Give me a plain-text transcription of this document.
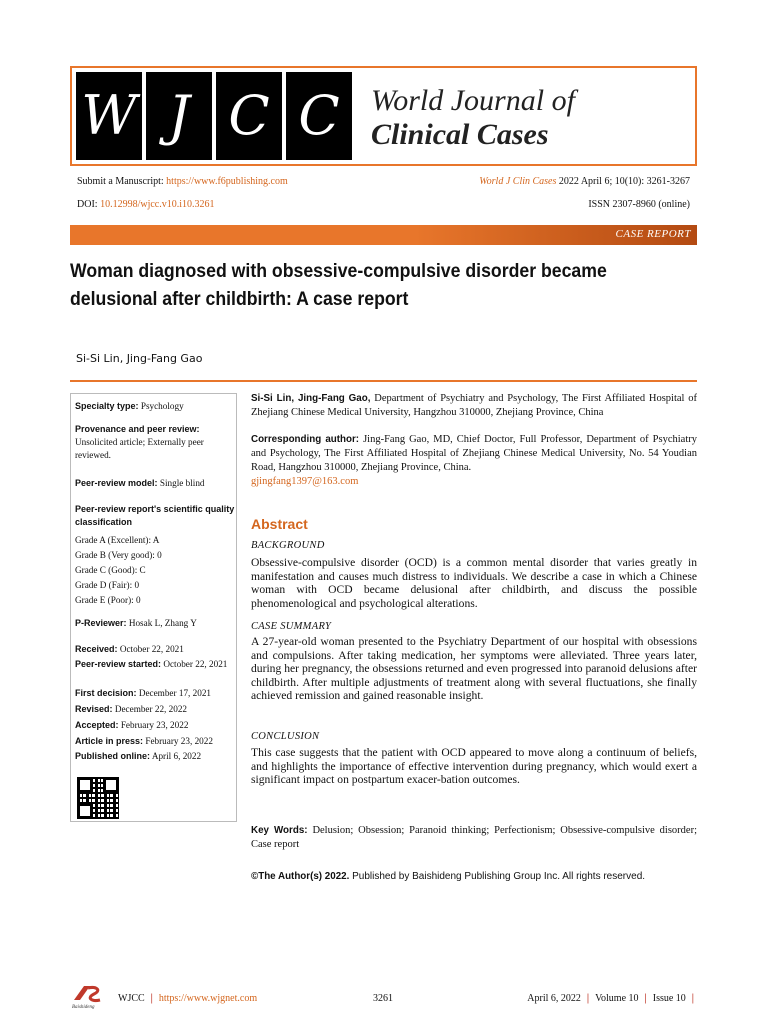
W J C C	World Journal of
Clinical Cases
Submit a Manuscript: https://www.f6publishing.com	World J Clin Cases 2022 April 6; 10(10): 3261-3267
DOI: 10.12998/wjcc.v10.i10.3261	ISSN 2307-8960 (online)
CASE REPORT
Woman diagnosed with obsessive-compulsive disorder became delusional after childbirth: A case report
Si-Si Lin, Jing-Fang Gao
Specialty type: Psychology
Provenance and peer review:
Unsolicited article; Externally peer reviewed.
Peer-review model: Single blind
Peer-review report's scientific quality classification
Grade A (Excellent): A
Grade B (Very good): 0
Grade C (Good): C
Grade D (Fair): 0
Grade E (Poor): 0
P-Reviewer: Hosak L, Zhang Y
Received: October 22, 2021
Peer-review started: October 22, 2021
First decision: December 17, 2021
Revised: December 22, 2022
Accepted: February 23, 2022
Article in press: February 23, 2022
Published online: April 6, 2022
Si-Si Lin, Jing-Fang Gao, Department of Psychiatry and Psychology, The First Affiliated Hospital of Zhejiang Chinese Medical University, Hangzhou 310000, Zhejiang Province, China
Corresponding author: Jing-Fang Gao, MD, Chief Doctor, Full Professor, Department of Psychiatry and Psychology, The First Affiliated Hospital of Zhejiang Chinese Medical University, No. 54 Youdian Road, Hangzhou 310000, Zhejiang Province, China.
gjingfang1397@163.com
Abstract
BACKGROUND
Obsessive-compulsive disorder (OCD) is a common mental disorder that varies greatly in manifestation and causes much distress to individuals. We describe a case in which a Chinese woman with OCD became delusional after childbirth, and discuss the possible phenomenological and psychological alterations.
CASE SUMMARY
A 27-year-old woman presented to the Psychiatry Department of our hospital with obsessions and compulsions. After taking medication, her symptoms were alleviated. Three years later, during her pregnancy, the obsessions returned and even progressed into paranoid delusions after childbirth. After multiple adjustments of treatment along with several fluctuations, she finally achieved remission and gained reasonable insight.
CONCLUSION
This case suggests that the patient with OCD appeared to move along a continuum of beliefs, and highlights the importance of effective intervention during pregnancy, which would exert a significant impact on postpartum exacer-bation outcomes.
Key Words: Delusion; Obsession; Paranoid thinking; Perfectionism; Obsessive-compulsive disorder; Case report
©The Author(s) 2022. Published by Baishideng Publishing Group Inc. All rights reserved.
Baishideng
WJCC | https://www.wjgnet.com	3261	April 6, 2022 | Volume 10 | Issue 10 |
